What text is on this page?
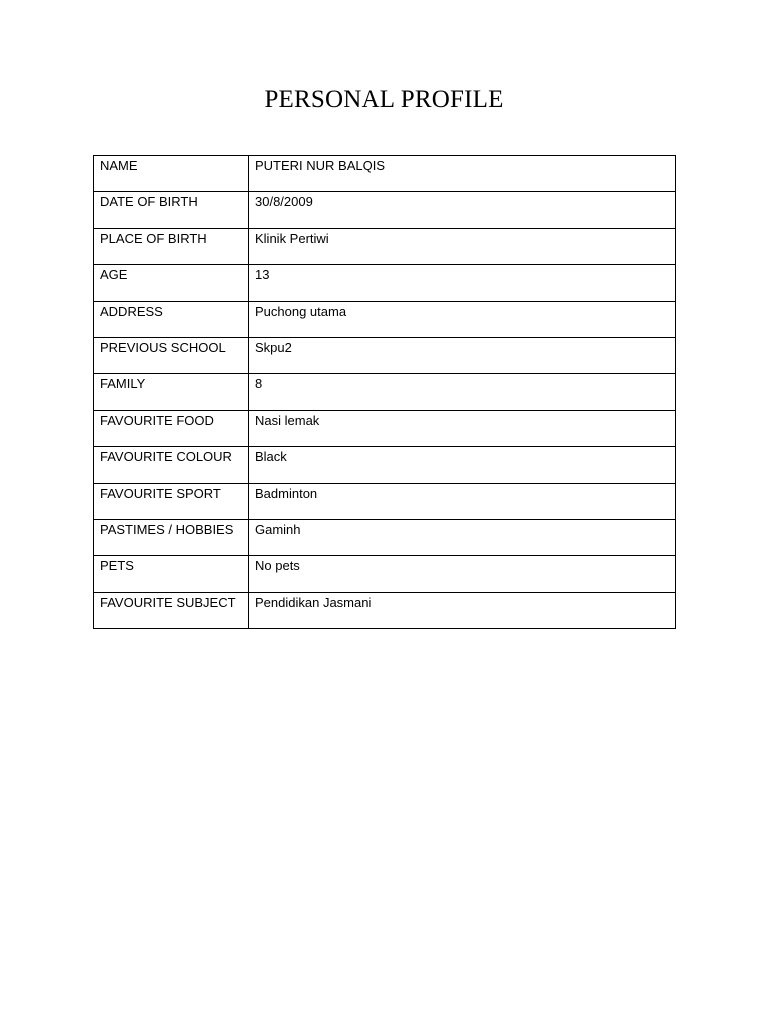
PERSONAL PROFILE
NAME	PUTERI NUR BALQIS
DATE OF BIRTH	30/8/2009
PLACE OF BIRTH	Klinik Pertiwi
AGE	13
ADDRESS	Puchong utama
PREVIOUS SCHOOL	Skpu2
FAMILY	8
FAVOURITE FOOD	Nasi lemak
FAVOURITE COLOUR	Black
FAVOURITE SPORT	Badminton
PASTIMES / HOBBIES	Gaminh
PETS	No pets
FAVOURITE SUBJECT	Pendidikan Jasmani
